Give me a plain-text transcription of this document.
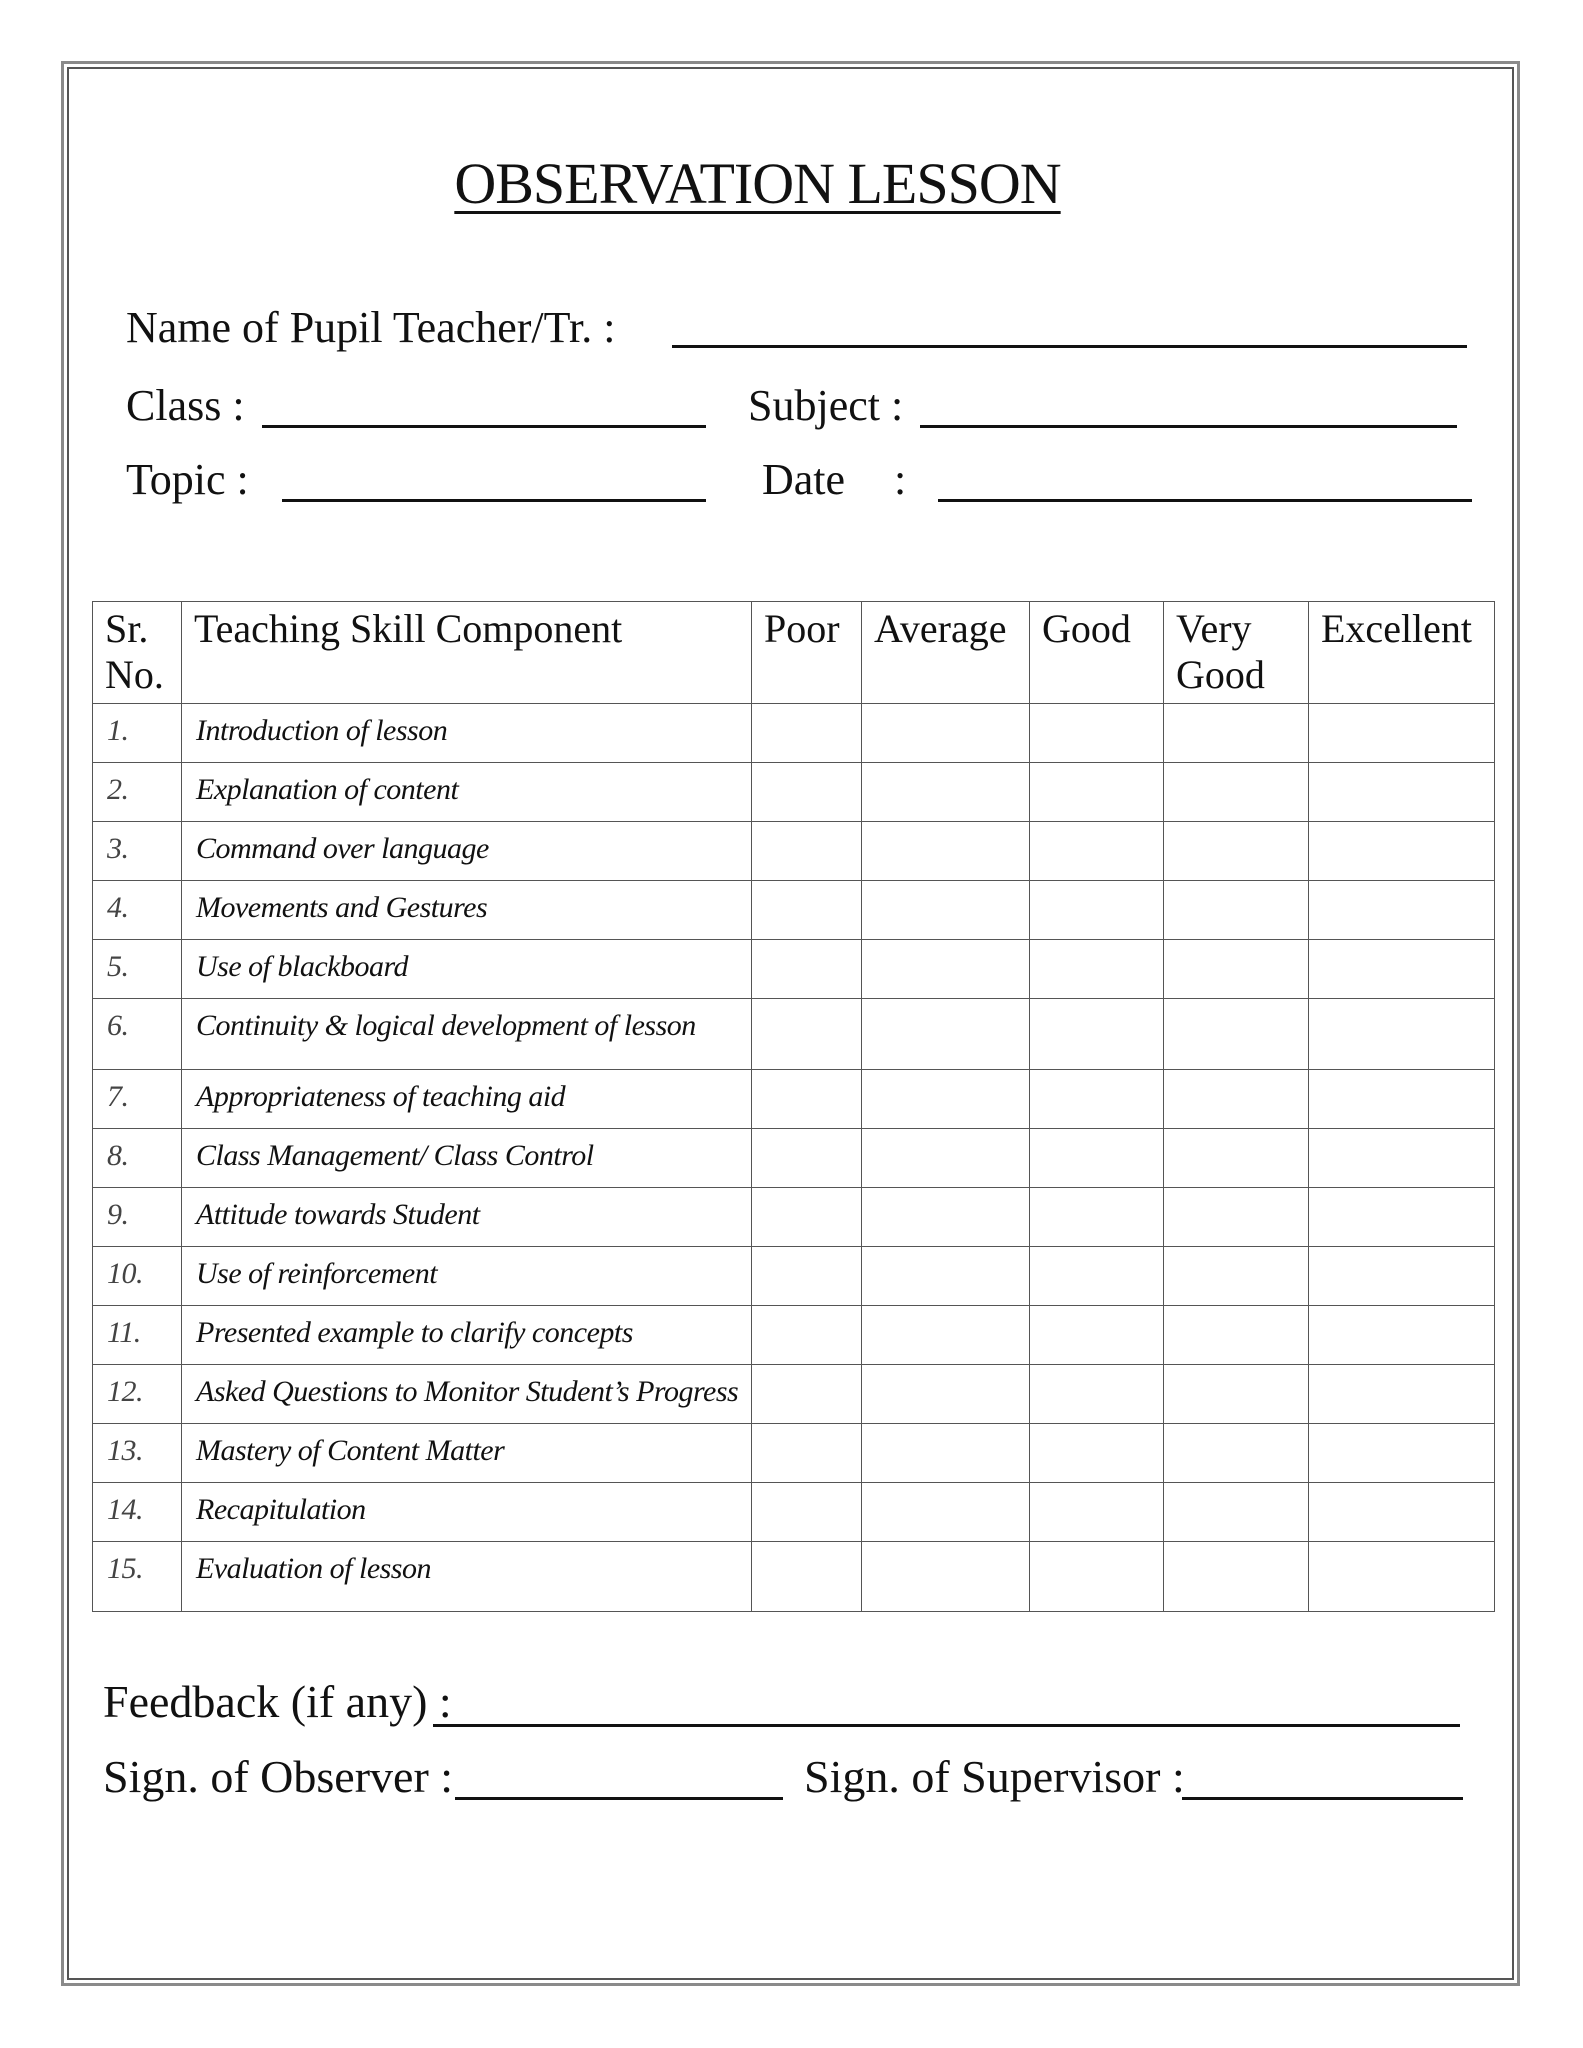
OBSERVATION LESSON
Name of Pupil Teacher/Tr. :
Class :	Subject :
Topic :	Date :
Sr. No.	Teaching Skill Component	Poor	Average	Good	Very Good	Excellent
1.	Introduction of lesson					
2.	Explanation of content					
3.	Command over language					
4.	Movements and Gestures					
5.	Use of blackboard					
6.	Continuity & logical development of lesson					
7.	Appropriateness of teaching aid					
8.	Class Management/ Class Control					
9.	Attitude towards Student					
10.	Use of reinforcement					
11.	Presented example to clarify concepts					
12.	Asked Questions to Monitor Student’s Progress					
13.	Mastery of Content Matter					
14.	Recapitulation					
15.	Evaluation of lesson					
Feedback (if any) :
Sign. of Observer :	Sign. of Supervisor :
